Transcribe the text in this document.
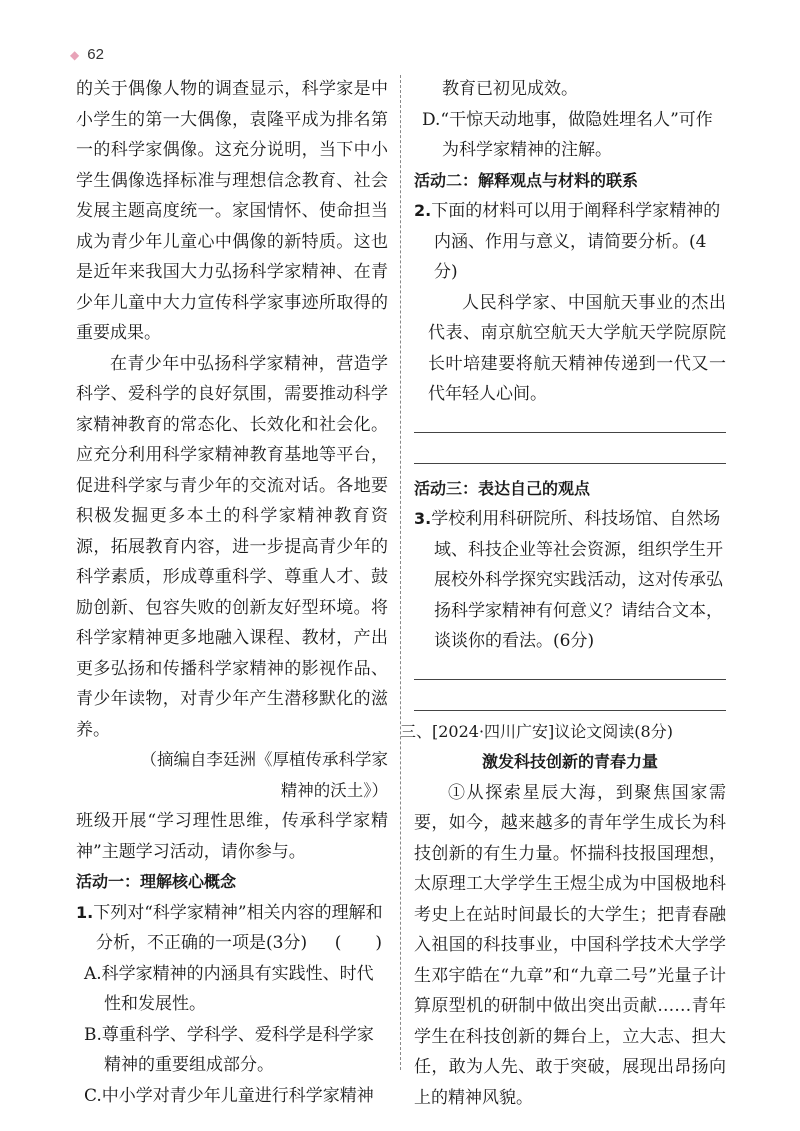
◆ 62

的关于偶像人物的调查显示，科学家是中小学生的第一大偶像，袁隆平成为排名第一的科学家偶像。这充分说明，当下中小学生偶像选择标准与理想信念教育、社会发展主题高度统一。家国情怀、使命担当成为青少年儿童心中偶像的新特质。这也是近年来我国大力弘扬科学家精神、在青少年儿童中大力宣传科学家事迹所取得的重要成果。

在青少年中弘扬科学家精神，营造学科学、爱科学的良好氛围，需要推动科学家精神教育的常态化、长效化和社会化。应充分利用科学家精神教育基地等平台，促进科学家与青少年的交流对话。各地要积极发掘更多本土的科学家精神教育资源，拓展教育内容，进一步提高青少年的科学素质，形成尊重科学、尊重人才、鼓励创新、包容失败的创新友好型环境。将科学家精神更多地融入课程、教材，产出更多弘扬和传播科学家精神的影视作品、青少年读物，对青少年产生潜移默化的滋养。

（摘编自李廷洲《厚植传承科学家

精神的沃土》）

班级开展“学习理性思维，传承科学家精神”主题学习活动，请你参与。

活动一：理解核心概念

1.下列对“科学家精神”相关内容的理解和分析，不正确的一项是(3分) (　　)

A.科学家精神的内涵具有实践性、时代性和发展性。

B.尊重科学、学科学、爱科学是科学家精神的重要组成部分。

C.中小学对青少年儿童进行科学家精神

教育已初见成效。

D.“干惊天动地事，做隐姓埋名人”可作为科学家精神的注解。

活动二：解释观点与材料的联系

2.下面的材料可以用于阐释科学家精神的内涵、作用与意义，请简要分析。(4分)

人民科学家、中国航天事业的杰出代表、南京航空航天大学航天学院原院长叶培建要将航天精神传递到一代又一代年轻人心间。

活动三：表达自己的观点

3.学校利用科研院所、科技场馆、自然场域、科技企业等社会资源，组织学生开展校外科学探究实践活动，这对传承弘扬科学家精神有何意义？请结合文本，谈谈你的看法。(6分)

三、[2024·四川广安]议论文阅读(8分)

激发科技创新的青春力量

①从探索星辰大海，到聚焦国家需要，如今，越来越多的青年学生成长为科技创新的有生力量。怀揣科技报国理想，太原理工大学学生王煜尘成为中国极地科考史上在站时间最长的大学生；把青春融入祖国的科技事业，中国科学技术大学学生邓宇皓在“九章”和“九章二号”光量子计算原型机的研制中做出突出贡献……青年学生在科技创新的舞台上，立大志、担大任，敢为人先、敢于突破，展现出昂扬向上的精神风貌。
